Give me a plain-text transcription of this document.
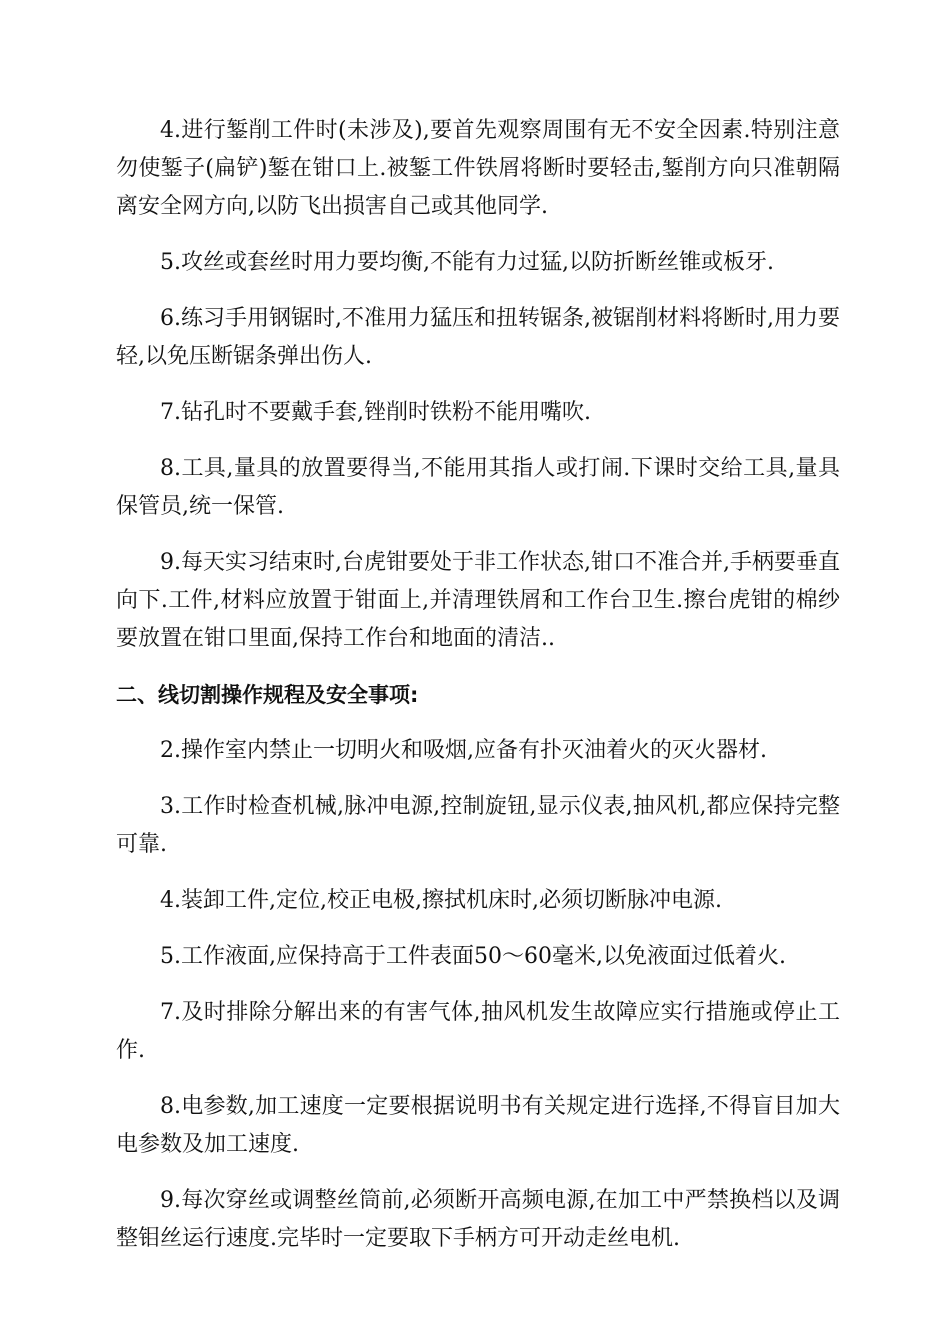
4.进行錾削工件时(未涉及),要首先观察周围有无不安全因素.特别注意勿使錾子(扁铲)錾在钳口上.被錾工件铁屑将断时要轻击,錾削方向只准朝隔离安全网方向,以防飞出损害自己或其他同学.

5.攻丝或套丝时用力要均衡,不能有力过猛,以防折断丝锥或板牙.

6.练习手用钢锯时,不准用力猛压和扭转锯条,被锯削材料将断时,用力要轻,以免压断锯条弹出伤人.

7.钻孔时不要戴手套,锉削时铁粉不能用嘴吹.

8.工具,量具的放置要得当,不能用其指人或打闹.下课时交给工具,量具保管员,统一保管.

9.每天实习结束时,台虎钳要处于非工作状态,钳口不准合并,手柄要垂直向下.工件,材料应放置于钳面上,并清理铁屑和工作台卫生.擦台虎钳的棉纱要放置在钳口里面,保持工作台和地面的清洁..

二、线切割操作规程及安全事项:

2.操作室内禁止一切明火和吸烟,应备有扑灭油着火的灭火器材.

3.工作时检查机械,脉冲电源,控制旋钮,显示仪表,抽风机,都应保持完整可靠.

4.装卸工件,定位,校正电极,擦拭机床时,必须切断脉冲电源.

5.工作液面,应保持高于工件表面50～60毫米,以免液面过低着火.

7.及时排除分解出来的有害气体,抽风机发生故障应实行措施或停止工作.

8.电参数,加工速度一定要根据说明书有关规定进行选择,不得盲目加大电参数及加工速度.

9.每次穿丝或调整丝筒前,必须断开高频电源,在加工中严禁换档以及调整钼丝运行速度.完毕时一定要取下手柄方可开动走丝电机.
